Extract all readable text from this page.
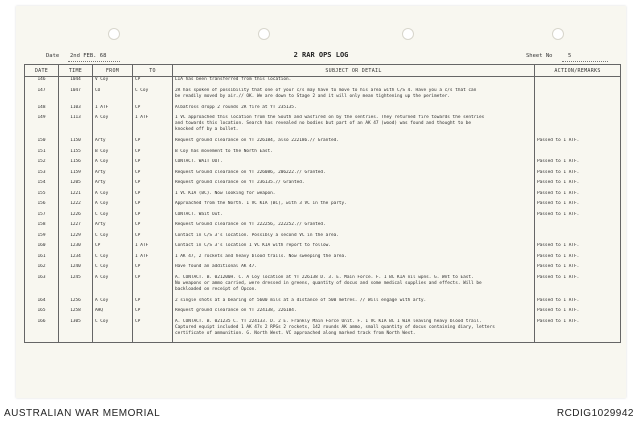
Date 2nd FEB. 68	2 RAR OPS LOG	Sheet No	5
DATE	TIME	FROM	TO	SUBJECT OR DETAIL	ACTION/REMARKS
146	1044	V Coy	CP	LIA has been transferred from this location.	
147	1047	CO	C Coy	2R has spoken of possibility that one of your c/s may have to move to his area with C/S 4. Have you a c/s that can
be readily moved by air.// OK. We are down to Stage 2 and it will only mean tightening up the perimeter.	
148	1103	1 ATF	CP	Albatross dropp 2 rounds 2R fire at YT 235135.	
149	1113	A Coy	1 ATF	1 VC approached this location from the South and wasfired on by the sentries. They returned fire towards the sentries
and towards this location. Search has revealed no bodies but part of an AK 47 (wood) was found and thought to be
knocked off by a bullet.	
150	1150	Arty	CP	Request ground clearance on YT 226184, also 222186.// Granted.	Passed to 1 ATF.
151	1155	B Coy	CP	B Coy has movement to the North East.	
152	1156	A Coy	CP	CONTACT. WAIT OUT.	Passed to 1 ATF.
153	1159	Arty	CP	Request Ground clearance on YT 226086, 206222.// Granted.	Passed to 1 ATF.
154	1205	Arty	CP	Request ground clearance on YT 236135.// Granted.	Passed to 1 ATF.
155	1221	A Coy	CP	1 VC KIA (BC). Now looking for weapon.	Passed to 1 ATF.
156	1222	A Coy	CP	Approached from the North. 1 VC KIA (BC), with 3 VC in the party.	Passed to 1 ATF.
157	1226	C Coy	CP	CONTACT. Wait Out.	Passed to 1 ATF.
158	1227	Arty	CP	Request Ground clearance on YT 222256, 222252.// Granted.	
159	1229	C Coy	CP	Contact in C/S 3's location. Possibly a second VC in the area.	
160	1230	CP	1 ATF	Contact in C/S 3's location 1 VC KIA with report to follow.	Passed to 1 ATF.
161	1234	C Coy	1 ATF	1 AK 47, 2 rockets and heavy blood trails. Now sweeping the area.	Passed to 1 ATF.
162	1240	C Coy	CP	Have found an additional AK 47.	Passed to 1 ATF.
163	1245	A Coy	CP	A. CONTACT. B. 021200H. C. A Coy location at YT 226138 D. 3. E. Main Force. F. 1 BC KIA nil wpns. G. Wnt to East.
No weapons or ammo carried, were dressed in greens, quantity of docus and some medical supplies and effects. Will be
backloaded on receipt of Opcon.	Passed to 1 ATF.
164	1256	A Coy	CP	2 single shots at a bearing of 5600 mils at a distance of 500 metres. // Will engage with arty.	Passed to 1 ATF.
165	1258	AHQ	CP	Request ground clearance on YT 224138, 226184.	Passed to 1 ATF.
166	1305	C Coy	CP	A. CONTACT. B. 021235 C. YT 224133. D. 2 E. Frankly Main Force Unit. F. 1 VC KIA BC 1 WIA leaving heavy blood trail.
Captured equipt included 1 AK 47s 2 RPGs 2 rockets, 142 rounds AK ammo, small quantity of docus containing diary, letters
certificate of ammunition. G. North West. VC approached along marked track from North West.	Passed to 1 ATF.
AUSTRALIAN WAR MEMORIAL	RCDIG1029942
